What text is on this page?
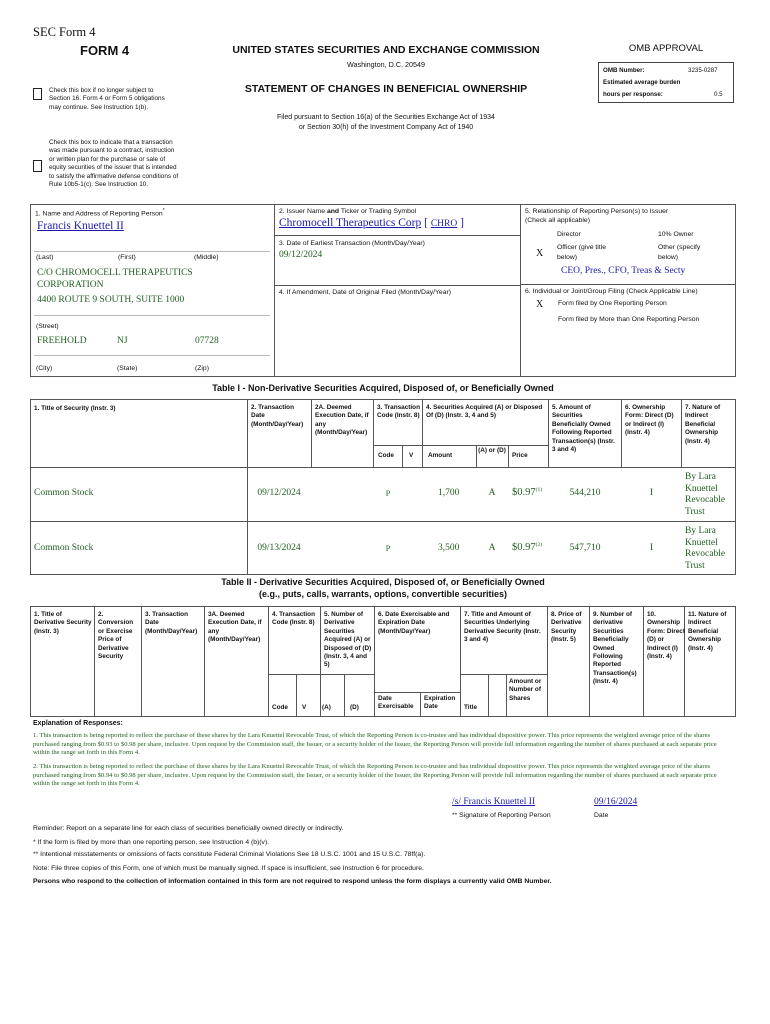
SEC Form 4
FORM 4	UNITED STATES SECURITIES AND EXCHANGE COMMISSION
Washington, D.C. 20549
STATEMENT OF CHANGES IN BENEFICIAL OWNERSHIP
Filed pursuant to Section 16(a) of the Securities Exchange Act of 1934
or Section 30(h) of the Investment Company Act of 1940
Check this box if no longer subject to Section 16. Form 4 or Form 5 obligations may continue. See Instruction 1(b).
Check this box to indicate that a transaction was made pursuant to a contract, instruction or written plan for the purchase or sale of equity securities of the issuer that is intended to satisfy the affirmative defense conditions of Rule 10b5-1(c). See Instruction 10.
OMB APPROVAL
OMB Number:	3235-0287
Estimated average burden
hours per response:	0.5
1. Name and Address of Reporting Person*
Francis Knuettel II
(Last)	(First)	(Middle)
C/O CHROMOCELL THERAPEUTICS
CORPORATION
4400 ROUTE 9 SOUTH, SUITE 1000
(Street)
FREEHOLD	NJ	07728
(City)	(State)	(Zip)
2. Issuer Name and Ticker or Trading Symbol
Chromocell Therapeutics Corp [ CHRO ]
3. Date of Earliest Transaction (Month/Day/Year)
09/12/2024
4. If Amendment, Date of Original Filed (Month/Day/Year)
5. Relationship of Reporting Person(s) to Issuer
(Check all applicable)
Director	10% Owner
X
Officer (give title below)
Other (specify below)
CEO, Pres., CFO, Treas & Secty
6. Individual or Joint/Group Filing (Check Applicable Line)
X Form filed by One Reporting Person
Form filed by More than One Reporting Person
Table I - Non-Derivative Securities Acquired, Disposed of, or Beneficially Owned
1. Title of Security (Instr. 3)	2. Transaction Date (Month/Day/Year)
2A. Deemed Execution Date, if any (Month/Day/Year)
3. Transaction Code (Instr. 8)
4. Securities Acquired (A) or Disposed Of (D) (Instr. 3, 4 and 5)
5. Amount of Securities Beneficially Owned Following Reported Transaction(s) (Instr. 3 and 4)
6. Ownership Form: Direct (D) or Indirect (I) (Instr. 4)
7. Nature of Indirect Beneficial Ownership (Instr. 4)
Code V Amount
(A) or (D)
Price
Common Stock	09/12/2024	P	1,700	A	$0.97$^{(1)}$	544,210	I
By Lara Knuettel Revocable Trust
Common Stock	09/13/2024	P	3,500	A	$0.97$^{(2)}$	547,710	I
By Lara Knuettel Revocable Trust
Table II - Derivative Securities Acquired, Disposed of, or Beneficially Owned
(e.g., puts, calls, warrants, options, convertible securities)
1. Title of Derivative Security (Instr. 3)
2. Conversion or Exercise Price of Derivative Security
3. Transaction Date (Month/Day/Year)
3A. Deemed Execution Date, if any (Month/Day/Year)
4. Transaction Code (Instr. 8)
5. Number of Derivative Securities Acquired (A) or Disposed of (D) (Instr. 3, 4 and 5)
6. Date Exercisable and Expiration Date (Month/Day/Year)
7. Title and Amount of Securities Underlying Derivative Security (Instr. 3 and 4)
8. Price of Derivative Security (Instr. 5)
9. Number of derivative Securities Beneficially Owned Following Reported Transaction(s) (Instr. 4)
10. Ownership Form: Direct (D) or Indirect (I) (Instr. 4)
11. Nature of Indirect Beneficial Ownership (Instr. 4)
Code V (A)	(D)
Date Exercisable
Expiration Date	Title
Amount or Number of Shares
Explanation of Responses:
1. This transaction is being reported to reflect the purchase of these shares by the Lara Knuettel Revocable Trust, of which the Reporting Person is co-trustee and has individual dispositive power. This price represents the weighted average price of the shares purchased ranging from $0.93 to $0.98 per share, inclusive. Upon request by the Commission staff, the Issuer, or a security holder of the Issuer, the Reporting Person will provide full information regarding the number of shares purchased at each separate price within the range set forth in this Form 4.
2. This transaction is being reported to reflect the purchase of these shares by the Lara Knuettel Revocable Trust, of which the Reporting Person is co-trustee and has individual dispositive power. This price represents the weighted average price of the shares purchased ranging from $0.94 to $0.98 per share, inclusive. Upon request by the Commission staff, the Issuer, or a security holder of the Issuer, the Reporting Person will provide full information regarding the number of shares purchased at each separate price within the range set forth in this Form 4.
/s/ Francis Knuettel II	09/16/2024
** Signature of Reporting Person	Date
Reminder: Report on a separate line for each class of securities beneficially owned directly or indirectly.
* If the form is filed by more than one reporting person, see Instruction 4 (b)(v).
** Intentional misstatements or omissions of facts constitute Federal Criminal Violations See 18 U.S.C. 1001 and 15 U.S.C. 78ff(a).
Note: File three copies of this Form, one of which must be manually signed. If space is insufficient, see Instruction 6 for procedure.
Persons who respond to the collection of information contained in this form are not required to respond unless the form displays a currently valid OMB Number.
